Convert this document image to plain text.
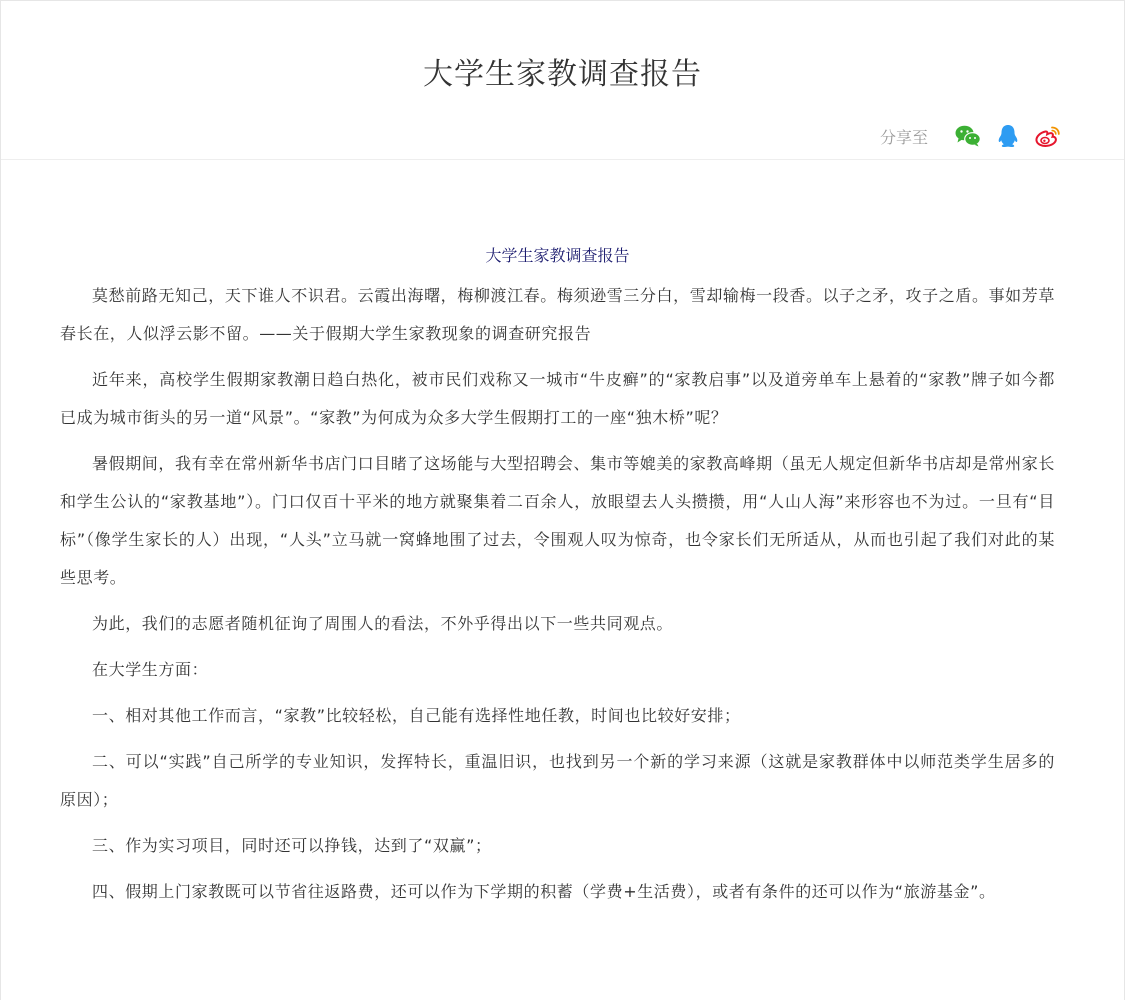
大学生家教调查报告
分享至
大学生家教调查报告

莫愁前路无知己，天下谁人不识君。云霞出海曙，梅柳渡江春。梅须逊雪三分白，雪却输梅一段香。以子之矛，攻子之盾。事如芳草春长在，人似浮云影不留。——关于假期大学生家教现象的调查研究报告

近年来，高校学生假期家教潮日趋白热化，被市民们戏称又一城市“牛皮癣”的“家教启事”以及道旁单车上悬着的“家教”牌子如今都已成为城市街头的另一道“风景”。“家教”为何成为众多大学生假期打工的一座“独木桥”呢？

暑假期间，我有幸在常州新华书店门口目睹了这场能与大型招聘会、集市等媲美的家教高峰期（虽无人规定但新华书店却是常州家长和学生公认的“家教基地”）。门口仅百十平米的地方就聚集着二百余人，放眼望去人头攒攒，用“人山人海”来形容也不为过。一旦有“目标”（像学生家长的人）出现，“人头”立马就一窝蜂地围了过去，令围观人叹为惊奇，也令家长们无所适从，从而也引起了我们对此的某些思考。

为此，我们的志愿者随机征询了周围人的看法，不外乎得出以下一些共同观点。

在大学生方面：

一、相对其他工作而言，“家教”比较轻松，自己能有选择性地任教，时间也比较好安排；

二、可以“实践”自己所学的专业知识，发挥特长，重温旧识，也找到另一个新的学习来源（这就是家教群体中以师范类学生居多的原因）；

三、作为实习项目，同时还可以挣钱，达到了“双赢”；

四、假期上门家教既可以节省往返路费，还可以作为下学期的积蓄（学费+生活费），或者有条件的还可以作为“旅游基金”。
